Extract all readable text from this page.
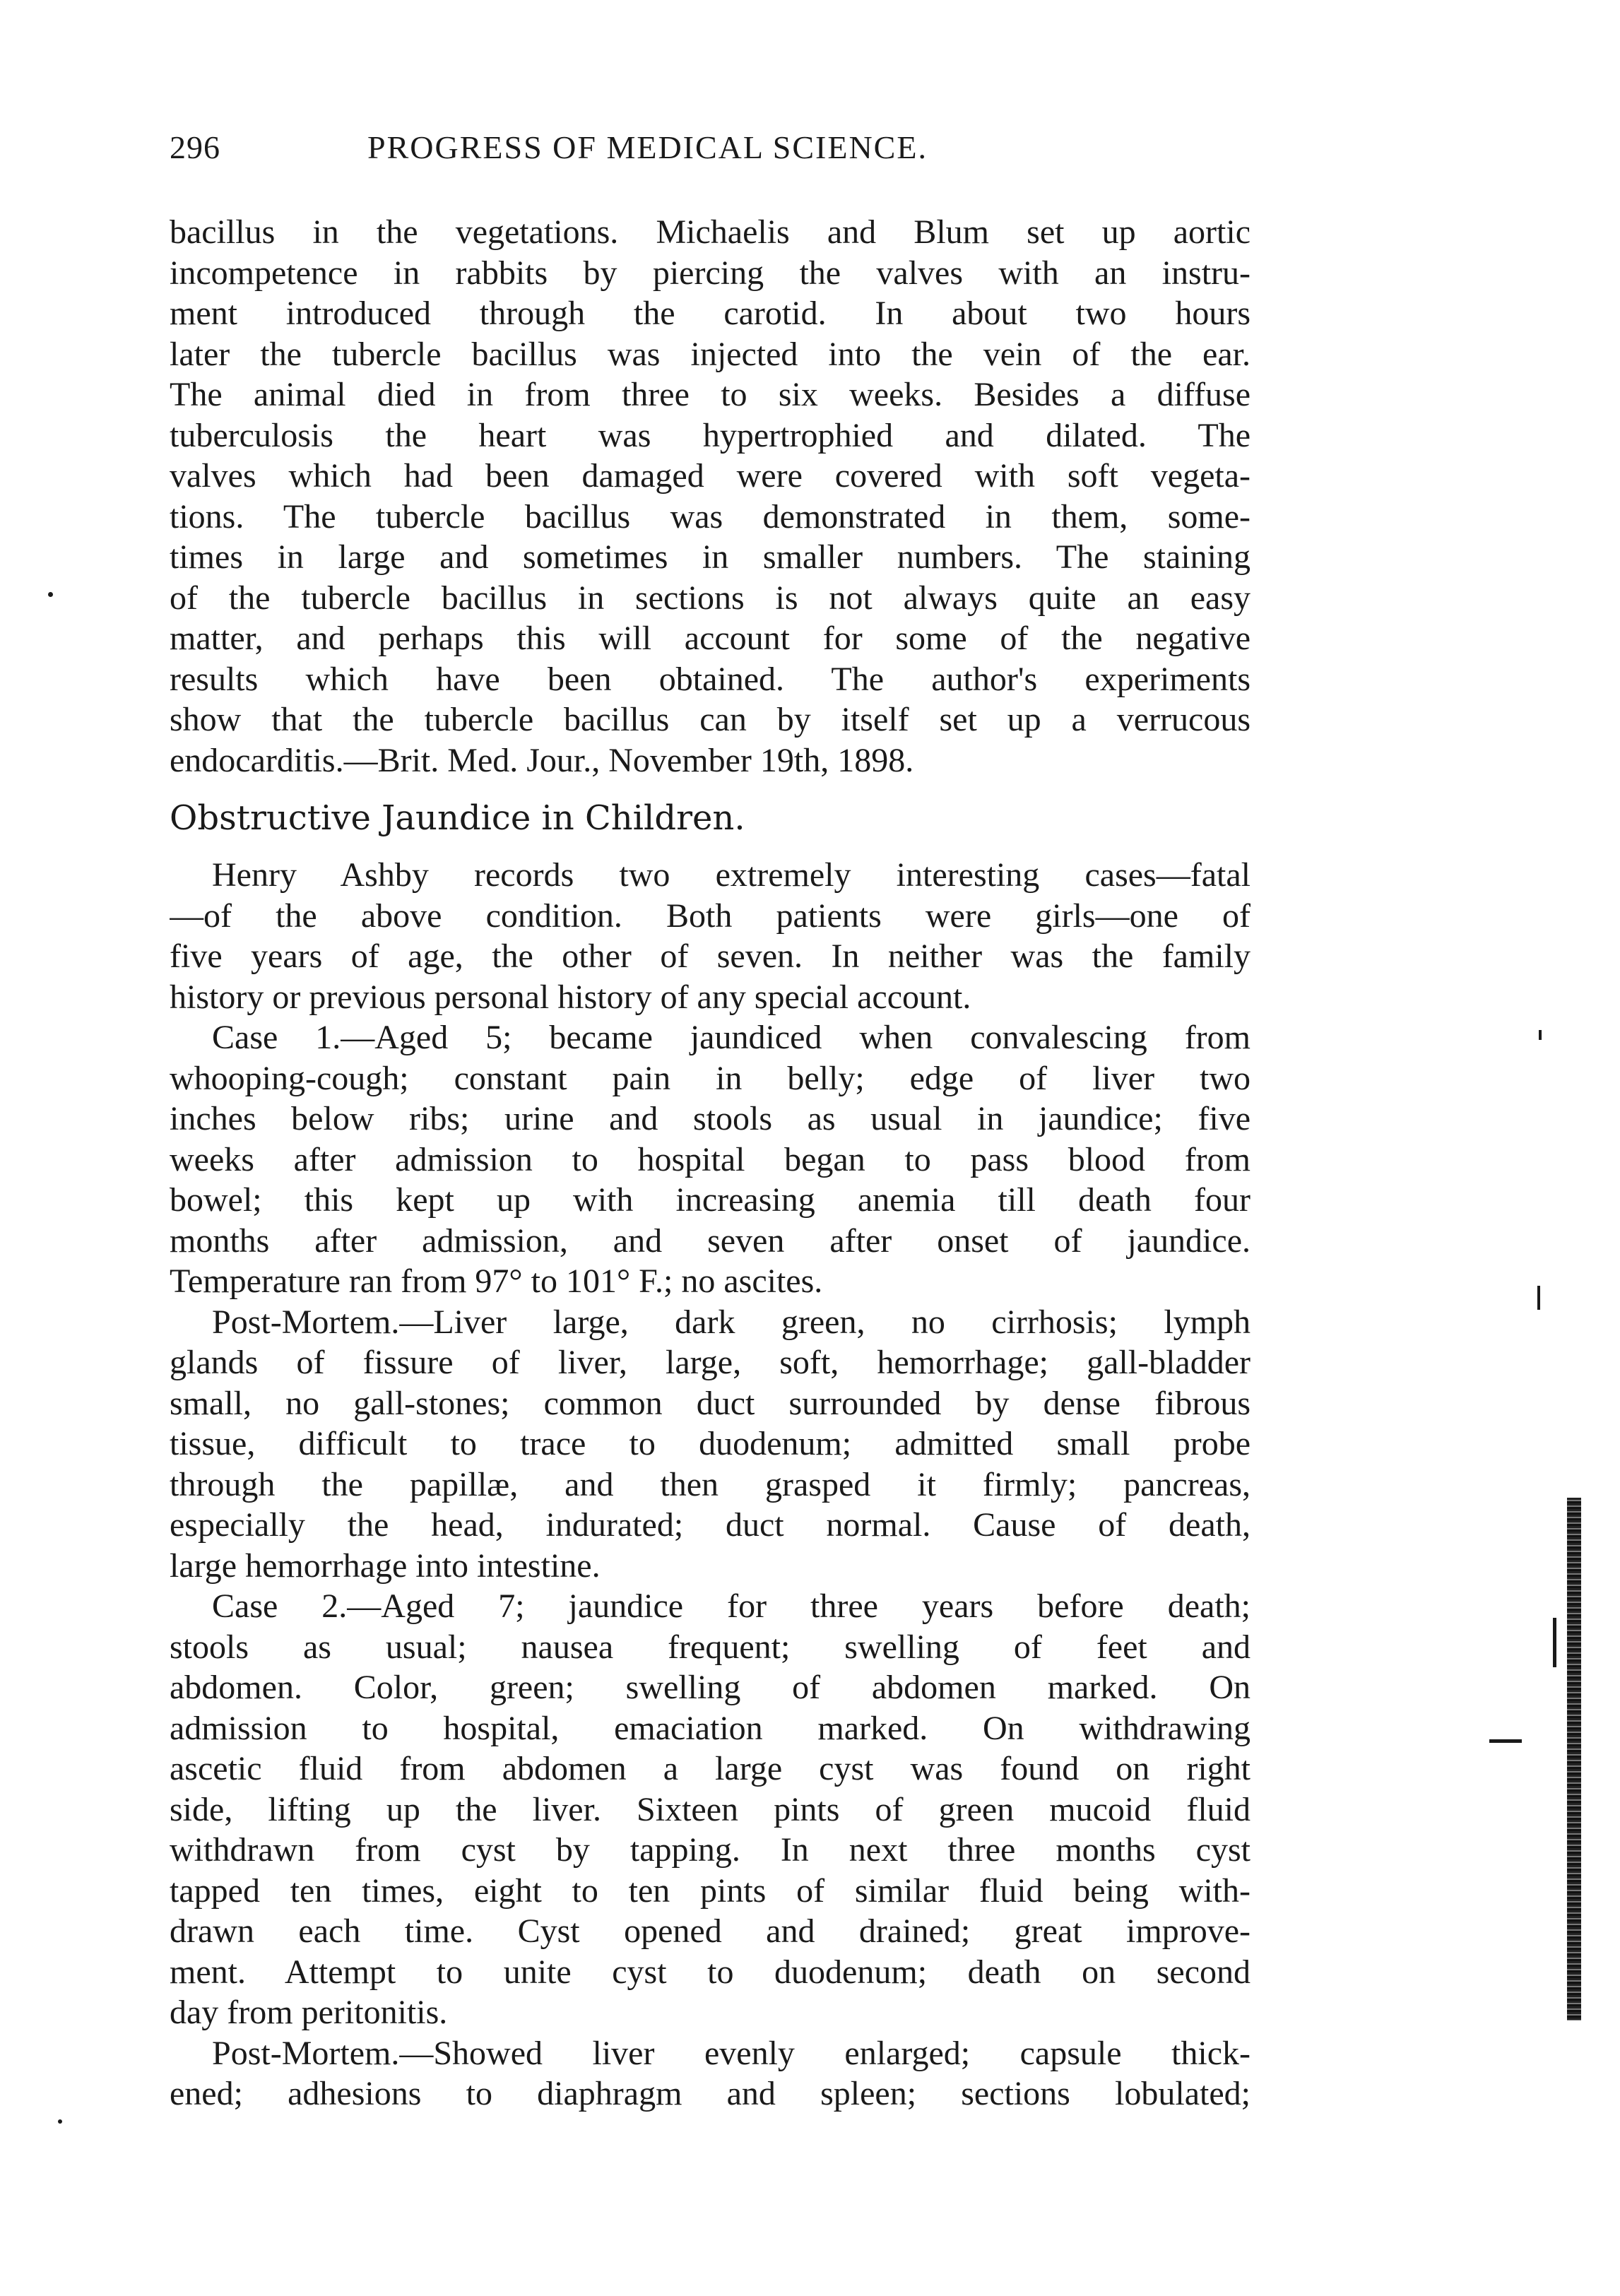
296	PROGRESS OF MEDICAL SCIENCE.
bacillus in the vegetations. Michaelis and Blum set up aortic
incompetence in rabbits by piercing the valves with an instru-
ment introduced through the carotid. In about two hours
later the tubercle bacillus was injected into the vein of the ear.
The animal died in from three to six weeks. Besides a diffuse
tuberculosis the heart was hypertrophied and dilated. The
valves which had been damaged were covered with soft vegeta-
tions. The tubercle bacillus was demonstrated in them, some-
times in large and sometimes in smaller numbers. The staining
of the tubercle bacillus in sections is not always quite an easy
matter, and perhaps this will account for some of the negative
results which have been obtained. The author's experiments
show that the tubercle bacillus can by itself set up a verrucous
endocarditis.—Brit. Med. Jour., November 19th, 1898.
Obstructive Jaundice in Children.
Henry Ashby records two extremely interesting cases—fatal
—of the above condition. Both patients were girls—one of
five years of age, the other of seven. In neither was the family
history or previous personal history of any special account.
Case 1.—Aged 5; became jaundiced when convalescing from
whooping-cough; constant pain in belly; edge of liver two
inches below ribs; urine and stools as usual in jaundice; five
weeks after admission to hospital began to pass blood from
bowel; this kept up with increasing anemia till death four
months after admission, and seven after onset of jaundice.
Temperature ran from 97° to 101° F.; no ascites.
Post-Mortem.—Liver large, dark green, no cirrhosis; lymph
glands of fissure of liver, large, soft, hemorrhage; gall-bladder
small, no gall-stones; common duct surrounded by dense fibrous
tissue, difficult to trace to duodenum; admitted small probe
through the papillæ, and then grasped it firmly; pancreas,
especially the head, indurated; duct normal. Cause of death,
large hemorrhage into intestine.
Case 2.—Aged 7; jaundice for three years before death;
stools as usual; nausea frequent; swelling of feet and
abdomen. Color, green; swelling of abdomen marked. On
admission to hospital, emaciation marked. On withdrawing
ascetic fluid from abdomen a large cyst was found on right
side, lifting up the liver. Sixteen pints of green mucoid fluid
withdrawn from cyst by tapping. In next three months cyst
tapped ten times, eight to ten pints of similar fluid being with-
drawn each time. Cyst opened and drained; great improve-
ment. Attempt to unite cyst to duodenum; death on second
day from peritonitis.
Post-Mortem.—Showed liver evenly enlarged; capsule thick-
ened; adhesions to diaphragm and spleen; sections lobulated;
